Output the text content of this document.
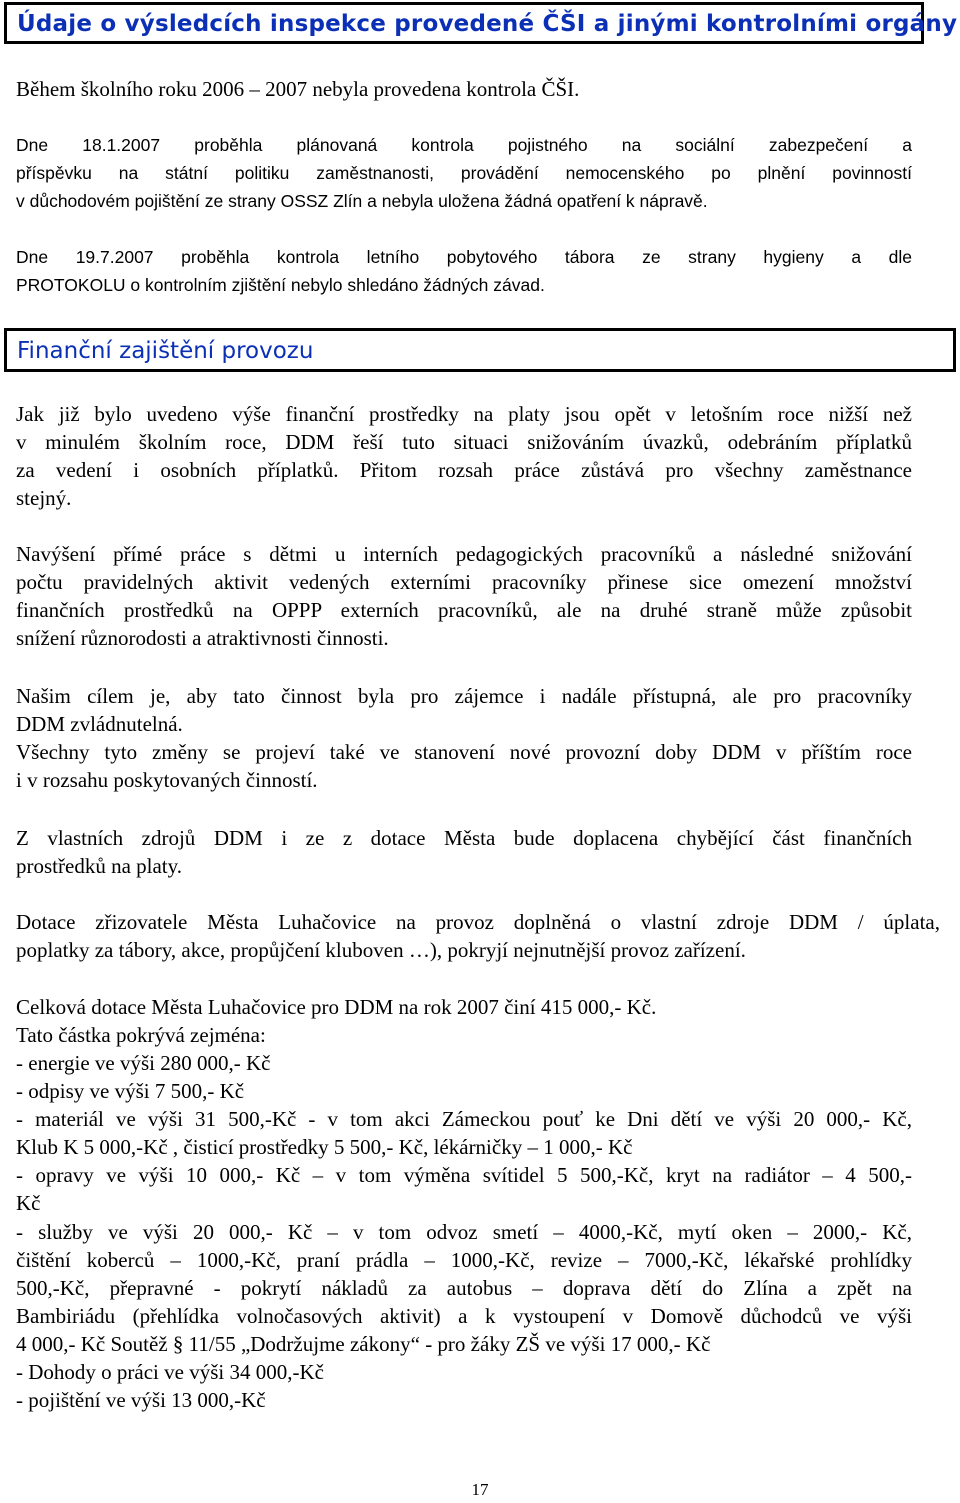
Údaje o výsledcích inspekce provedené ČŠI a jinými kontrolními orgány
Během školního roku 2006 – 2007 nebyla provedena kontrola ČŠI.
Dne 18.1.2007 proběhla plánovaná kontrola pojistného na sociální zabezpečení a
příspěvku na státní politiku zaměstnanosti, provádění nemocenského po plnění povinností
v důchodovém pojištění ze strany OSSZ Zlín a nebyla uložena žádná opatření k nápravě.
Dne 19.7.2007 proběhla kontrola letního pobytového tábora ze strany hygieny a dle
PROTOKOLU o kontrolním zjištění nebylo shledáno žádných závad.
Finanční zajištění provozu
Jak již bylo uvedeno výše finanční prostředky na platy jsou opět v letošním roce nižší než
v minulém školním roce, DDM řeší tuto situaci snižováním úvazků, odebráním příplatků
za vedení i osobních příplatků. Přitom rozsah práce zůstává pro všechny zaměstnance
stejný.
Navýšení přímé práce s dětmi u interních pedagogických pracovníků a následné snižování
počtu pravidelných aktivit vedených externími pracovníky přinese sice omezení množství
finančních prostředků na OPPP externích pracovníků, ale na druhé straně může způsobit
snížení různorodosti a atraktivnosti činnosti.
Našim cílem je, aby tato činnost byla pro zájemce i nadále přístupná, ale pro pracovníky
DDM zvládnutelná.
Všechny tyto změny se projeví také ve stanovení nové provozní doby DDM v příštím roce
i v rozsahu poskytovaných činností.
Z vlastních zdrojů DDM i ze z dotace Města bude doplacena chybějící část finančních
prostředků na platy.
Dotace zřizovatele Města Luhačovice na provoz doplněná o vlastní zdroje DDM / úplata,
poplatky za tábory, akce, propůjčení kluboven …), pokryjí nejnutnější provoz zařízení.
Celková dotace Města Luhačovice pro DDM na rok 2007 činí 415 000,- Kč.
Tato částka pokrývá zejména:
- energie ve výši 280 000,- Kč
- odpisy ve výši 7 500,- Kč
- materiál ve výši 31 500,-Kč - v tom akci Zámeckou pouť ke Dni dětí ve výši 20 000,- Kč,
Klub K 5 000,-Kč , čisticí prostředky 5 500,- Kč, lékárničky – 1 000,- Kč
- opravy ve výši 10 000,- Kč – v tom výměna svítidel 5 500,-Kč, kryt na radiátor – 4 500,-
Kč
- služby ve výši 20 000,- Kč – v tom odvoz smetí – 4000,-Kč, mytí oken – 2000,- Kč,
čištění koberců – 1000,-Kč, praní prádla – 1000,-Kč, revize – 7000,-Kč, lékařské prohlídky
500,-Kč, přepravné - pokrytí nákladů za autobus – doprava dětí do Zlína a zpět na
Bambiriádu (přehlídka volnočasových aktivit) a k vystoupení v Domově důchodců ve výši
4 000,- Kč Soutěž § 11/55 „Dodržujme zákony“ - pro žáky ZŠ ve výši 17 000,- Kč
- Dohody o práci ve výši 34 000,-Kč
- pojištění ve výši 13 000,-Kč
17
